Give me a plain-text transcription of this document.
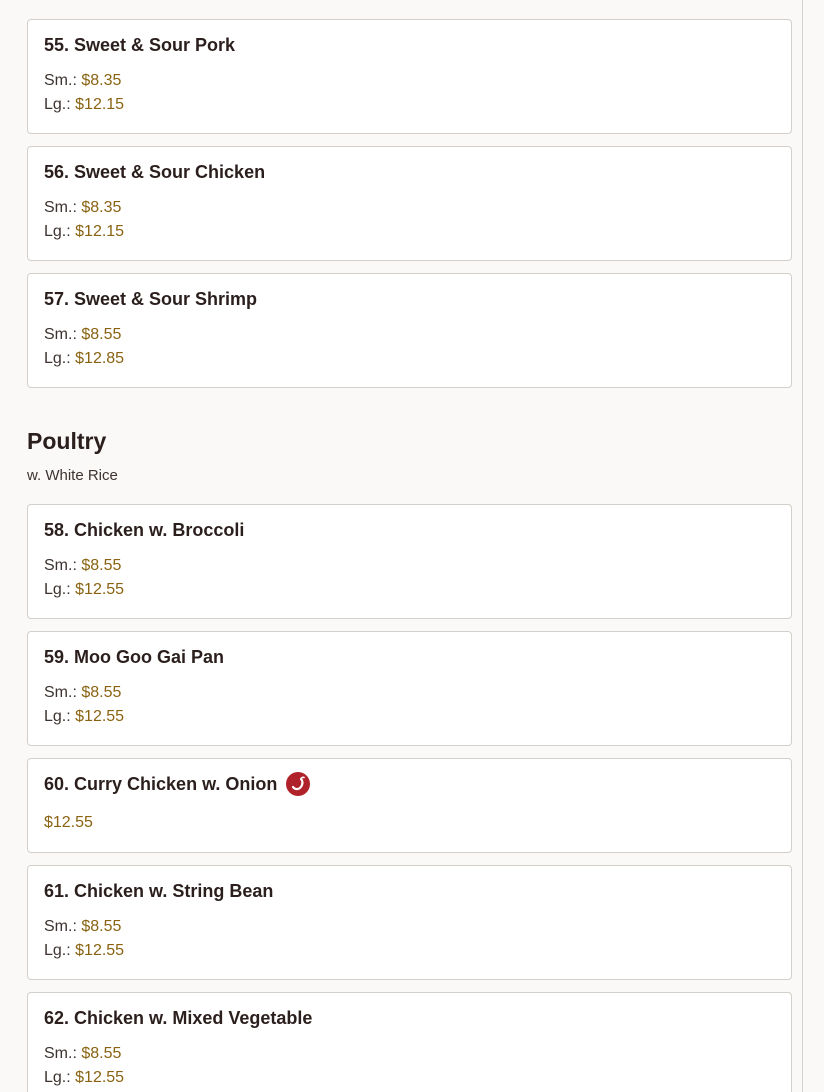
55. Sweet & Sour Pork
Sm.: $8.35
Lg.: $12.15
56. Sweet & Sour Chicken
Sm.: $8.35
Lg.: $12.15
57. Sweet & Sour Shrimp
Sm.: $8.55
Lg.: $12.85
Poultry
w. White Rice
58. Chicken w. Broccoli
Sm.: $8.55
Lg.: $12.55
59. Moo Goo Gai Pan
Sm.: $8.55
Lg.: $12.55
60. Curry Chicken w. Onion
$12.55
61. Chicken w. String Bean
Sm.: $8.55
Lg.: $12.55
62. Chicken w. Mixed Vegetable
Sm.: $8.55
Lg.: $12.55
